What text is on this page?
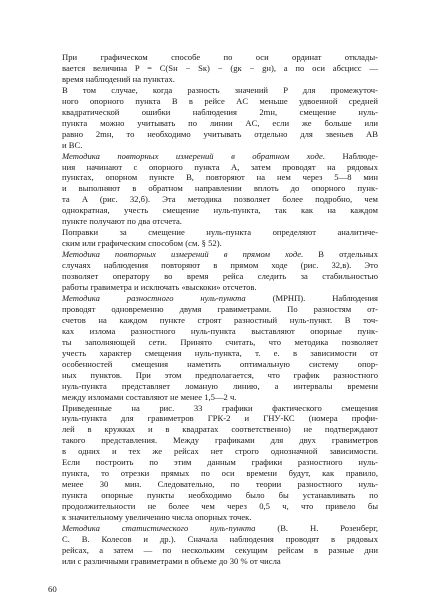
При графическом способе по оси ординат отклады-
вается величина P = C(Sн − Sк) − (gк − gн), а по оси абсцисс —
время наблюдений на пунктах.

В том случае, когда разность значений P для промежуточ-
ного опорного пункта B в рейсе AC меньше удвоенной средней
квадратической ошибки наблюдения 2mн, смещение нуль-
пункта можно учитывать по линии AC, если же больше или
равно 2mн, то необходимо учитывать отдельно для звеньев AB
и BC.

Методика повторных измерений в обратном ходе. Наблюде-
ния начинают с опорного пункта A, затем проводят на рядовых
пунктах, опорном пункте B, повторяют на нем через 5—8 мин
и выполняют в обратном направлении вплоть до опорного пунк-
та A (рис. 32,б). Эта методика позволяет более подробно, чем
однократная, учесть смещение нуль-пункта, так как на каждом
пункте получают по два отсчета.

Поправки за смещение нуль-пункта определяют аналитиче-
ским или графическим способом (см. § 52).

Методика повторных измерений в прямом ходе. В отдельных
случаях наблюдения повторяют в прямом ходе (рис. 32,в). Это
позволяет оператору во время рейса следить за стабильностью
работы гравиметра и исключать «выскоки» отсчетов.

Методика разностного нуль-пункта (МРНП). Наблюдения
проводят одновременно двумя гравиметрами. По разностям от-
счетов на каждом пункте строят разностный нуль-пункт. В точ-
ках излома разностного нуль-пункта выставляют опорные пунк-
ты заполняющей сети. Принято считать, что методика позволяет
учесть характер смещения нуль-пункта, т. е. в зависимости от
особенностей смещения наметить оптимальную систему опор-
ных пунктов. При этом предполагается, что график разностного
нуль-пункта представляет ломаную линию, а интервалы времени
между изломами составляют не менее 1,5—2 ч.

Приведенные на рис. 33 графики фактического смещения
нуль-пункта для гравиметров ГРК-2 и ГНУ-КС (номера профи-
лей в кружках и в квадратах соответственно) не подтверждают
такого представления. Между графиками для двух гравиметров
в одних и тех же рейсах нет строго однозначной зависимости.
Если построить по этим данным графики разностного нуль-
пункта, то отрезки прямых по оси времени будут, как правило,
менее 30 мин. Следовательно, по теории разностного нуль-
пункта опорные пункты необходимо было бы устанавливать по
продолжительности не более чем через 0,5 ч, что привело бы
к значительному увеличению числа опорных точек.

Методика статистического нуль-пункта (В. Н. Розенберг,
С. В. Колесов и др.). Сначала наблюдения проводят в рядовых
рейсах, а затем — по нескольким секущим рейсам в разные дни
или с различными гравиметрами в объеме до 30 % от числа

60
